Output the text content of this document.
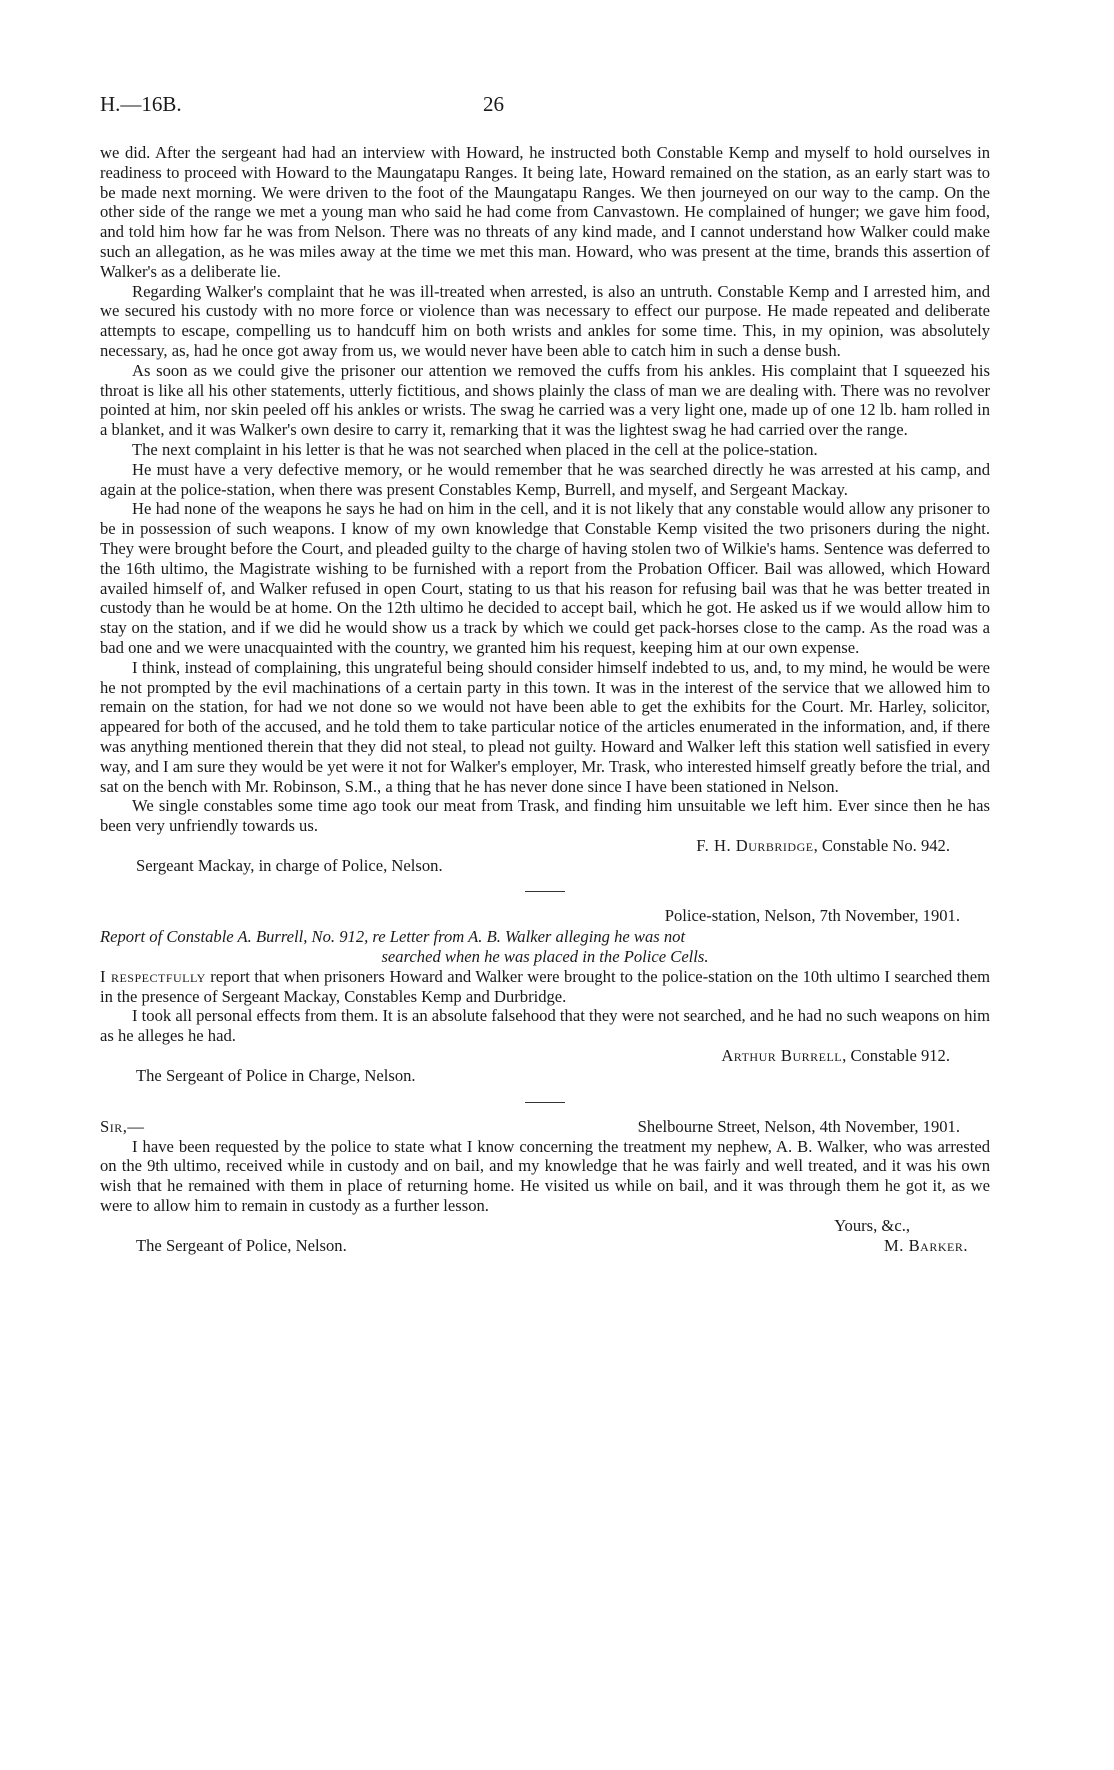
H.—16B.	26

we did. After the sergeant had had an interview with Howard, he instructed both Constable Kemp and myself to hold ourselves in readiness to proceed with Howard to the Maungatapu Ranges. It being late, Howard remained on the station, as an early start was to be made next morning. We were driven to the foot of the Maungatapu Ranges. We then journeyed on our way to the camp. On the other side of the range we met a young man who said he had come from Canvastown. He complained of hunger; we gave him food, and told him how far he was from Nelson. There was no threats of any kind made, and I cannot understand how Walker could make such an allegation, as he was miles away at the time we met this man. Howard, who was present at the time, brands this assertion of Walker's as a deliberate lie.

Regarding Walker's complaint that he was ill-treated when arrested, is also an untruth. Constable Kemp and I arrested him, and we secured his custody with no more force or violence than was necessary to effect our purpose. He made repeated and deliberate attempts to escape, compelling us to handcuff him on both wrists and ankles for some time. This, in my opinion, was absolutely necessary, as, had he once got away from us, we would never have been able to catch him in such a dense bush.

As soon as we could give the prisoner our attention we removed the cuffs from his ankles. His complaint that I squeezed his throat is like all his other statements, utterly fictitious, and shows plainly the class of man we are dealing with. There was no revolver pointed at him, nor skin peeled off his ankles or wrists. The swag he carried was a very light one, made up of one 12 lb. ham rolled in a blanket, and it was Walker's own desire to carry it, remarking that it was the lightest swag he had carried over the range.

The next complaint in his letter is that he was not searched when placed in the cell at the police-station.

He must have a very defective memory, or he would remember that he was searched directly he was arrested at his camp, and again at the police-station, when there was present Constables Kemp, Burrell, and myself, and Sergeant Mackay.

He had none of the weapons he says he had on him in the cell, and it is not likely that any constable would allow any prisoner to be in possession of such weapons. I know of my own knowledge that Constable Kemp visited the two prisoners during the night. They were brought before the Court, and pleaded guilty to the charge of having stolen two of Wilkie's hams. Sentence was deferred to the 16th ultimo, the Magistrate wishing to be furnished with a report from the Probation Officer. Bail was allowed, which Howard availed himself of, and Walker refused in open Court, stating to us that his reason for refusing bail was that he was better treated in custody than he would be at home. On the 12th ultimo he decided to accept bail, which he got. He asked us if we would allow him to stay on the station, and if we did he would show us a track by which we could get pack-horses close to the camp. As the road was a bad one and we were unacquainted with the country, we granted him his request, keeping him at our own expense.

I think, instead of complaining, this ungrateful being should consider himself indebted to us, and, to my mind, he would be were he not prompted by the evil machinations of a certain party in this town. It was in the interest of the service that we allowed him to remain on the station, for had we not done so we would not have been able to get the exhibits for the Court. Mr. Harley, solicitor, appeared for both of the accused, and he told them to take particular notice of the articles enumerated in the information, and, if there was anything mentioned therein that they did not steal, to plead not guilty. Howard and Walker left this station well satisfied in every way, and I am sure they would be yet were it not for Walker's employer, Mr. Trask, who interested himself greatly before the trial, and sat on the bench with Mr. Robinson, S.M., a thing that he has never done since I have been stationed in Nelson.

We single constables some time ago took our meat from Trask, and finding him unsuitable we left him. Ever since then he has been very unfriendly towards us.

F. H. Durbridge, Constable No. 942.

Sergeant Mackay, in charge of Police, Nelson.

Police-station, Nelson, 7th November, 1901.

Report of Constable A. Burrell, No. 912, re Letter from A. B. Walker alleging he was not
searched when he was placed in the Police Cells.

I respectfully report that when prisoners Howard and Walker were brought to the police-station on the 10th ultimo I searched them in the presence of Sergeant Mackay, Constables Kemp and Durbridge.

I took all personal effects from them. It is an absolute falsehood that they were not searched, and he had no such weapons on him as he alleges he had.

Arthur Burrell, Constable 912.

The Sergeant of Police in Charge, Nelson.

Sir,—	Shelbourne Street, Nelson, 4th November, 1901.

I have been requested by the police to state what I know concerning the treatment my nephew, A. B. Walker, who was arrested on the 9th ultimo, received while in custody and on bail, and my knowledge that he was fairly and well treated, and it was his own wish that he remained with them in place of returning home. He visited us while on bail, and it was through them he got it, as we were to allow him to remain in custody as a further lesson.

Yours, &c.,
The Sergeant of Police, Nelson.	M. Barker.
